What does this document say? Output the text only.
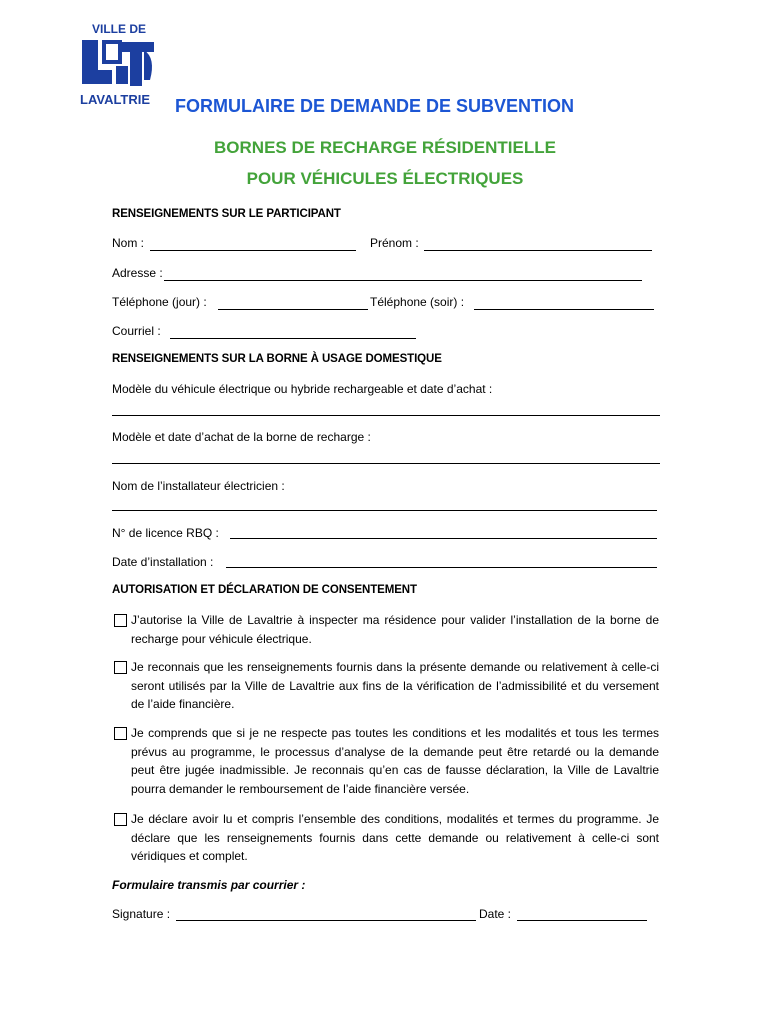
VILLE DE
LAVALTRIE	FORMULAIRE DE DEMANDE DE SUBVENTION
BORNES DE RECHARGE RÉSIDENTIELLE
POUR VÉHICULES ÉLECTRIQUES
RENSEIGNEMENTS SUR LE PARTICIPANT
Nom :	Prénom :
Adresse :
Téléphone (jour) :	Téléphone (soir) :
Courriel :
RENSEIGNEMENTS SUR LA BORNE À USAGE DOMESTIQUE
Modèle du véhicule électrique ou hybride rechargeable et date d’achat :
Modèle et date d’achat de la borne de recharge :
Nom de l’installateur électricien :
N° de licence RBQ :
Date d’installation :
AUTORISATION ET DÉCLARATION DE CONSENTEMENT
J’autorise la Ville de Lavaltrie à inspecter ma résidence pour valider l’installation de la borne de recharge pour véhicule électrique.
Je reconnais que les renseignements fournis dans la présente demande ou relativement à celle-ci seront utilisés par la Ville de Lavaltrie aux fins de la vérification de l’admissibilité et du versement de l’aide financière.
Je comprends que si je ne respecte pas toutes les conditions et les modalités et tous les termes prévus au programme, le processus d’analyse de la demande peut être retardé ou la demande peut être jugée inadmissible. Je reconnais qu’en cas de fausse déclaration, la Ville de Lavaltrie pourra demander le remboursement de l’aide financière versée.
Je déclare avoir lu et compris l’ensemble des conditions, modalités et termes du programme. Je déclare que les renseignements fournis dans cette demande ou relativement à celle-ci sont véridiques et complet.
Formulaire transmis par courrier :
Signature :	Date :
